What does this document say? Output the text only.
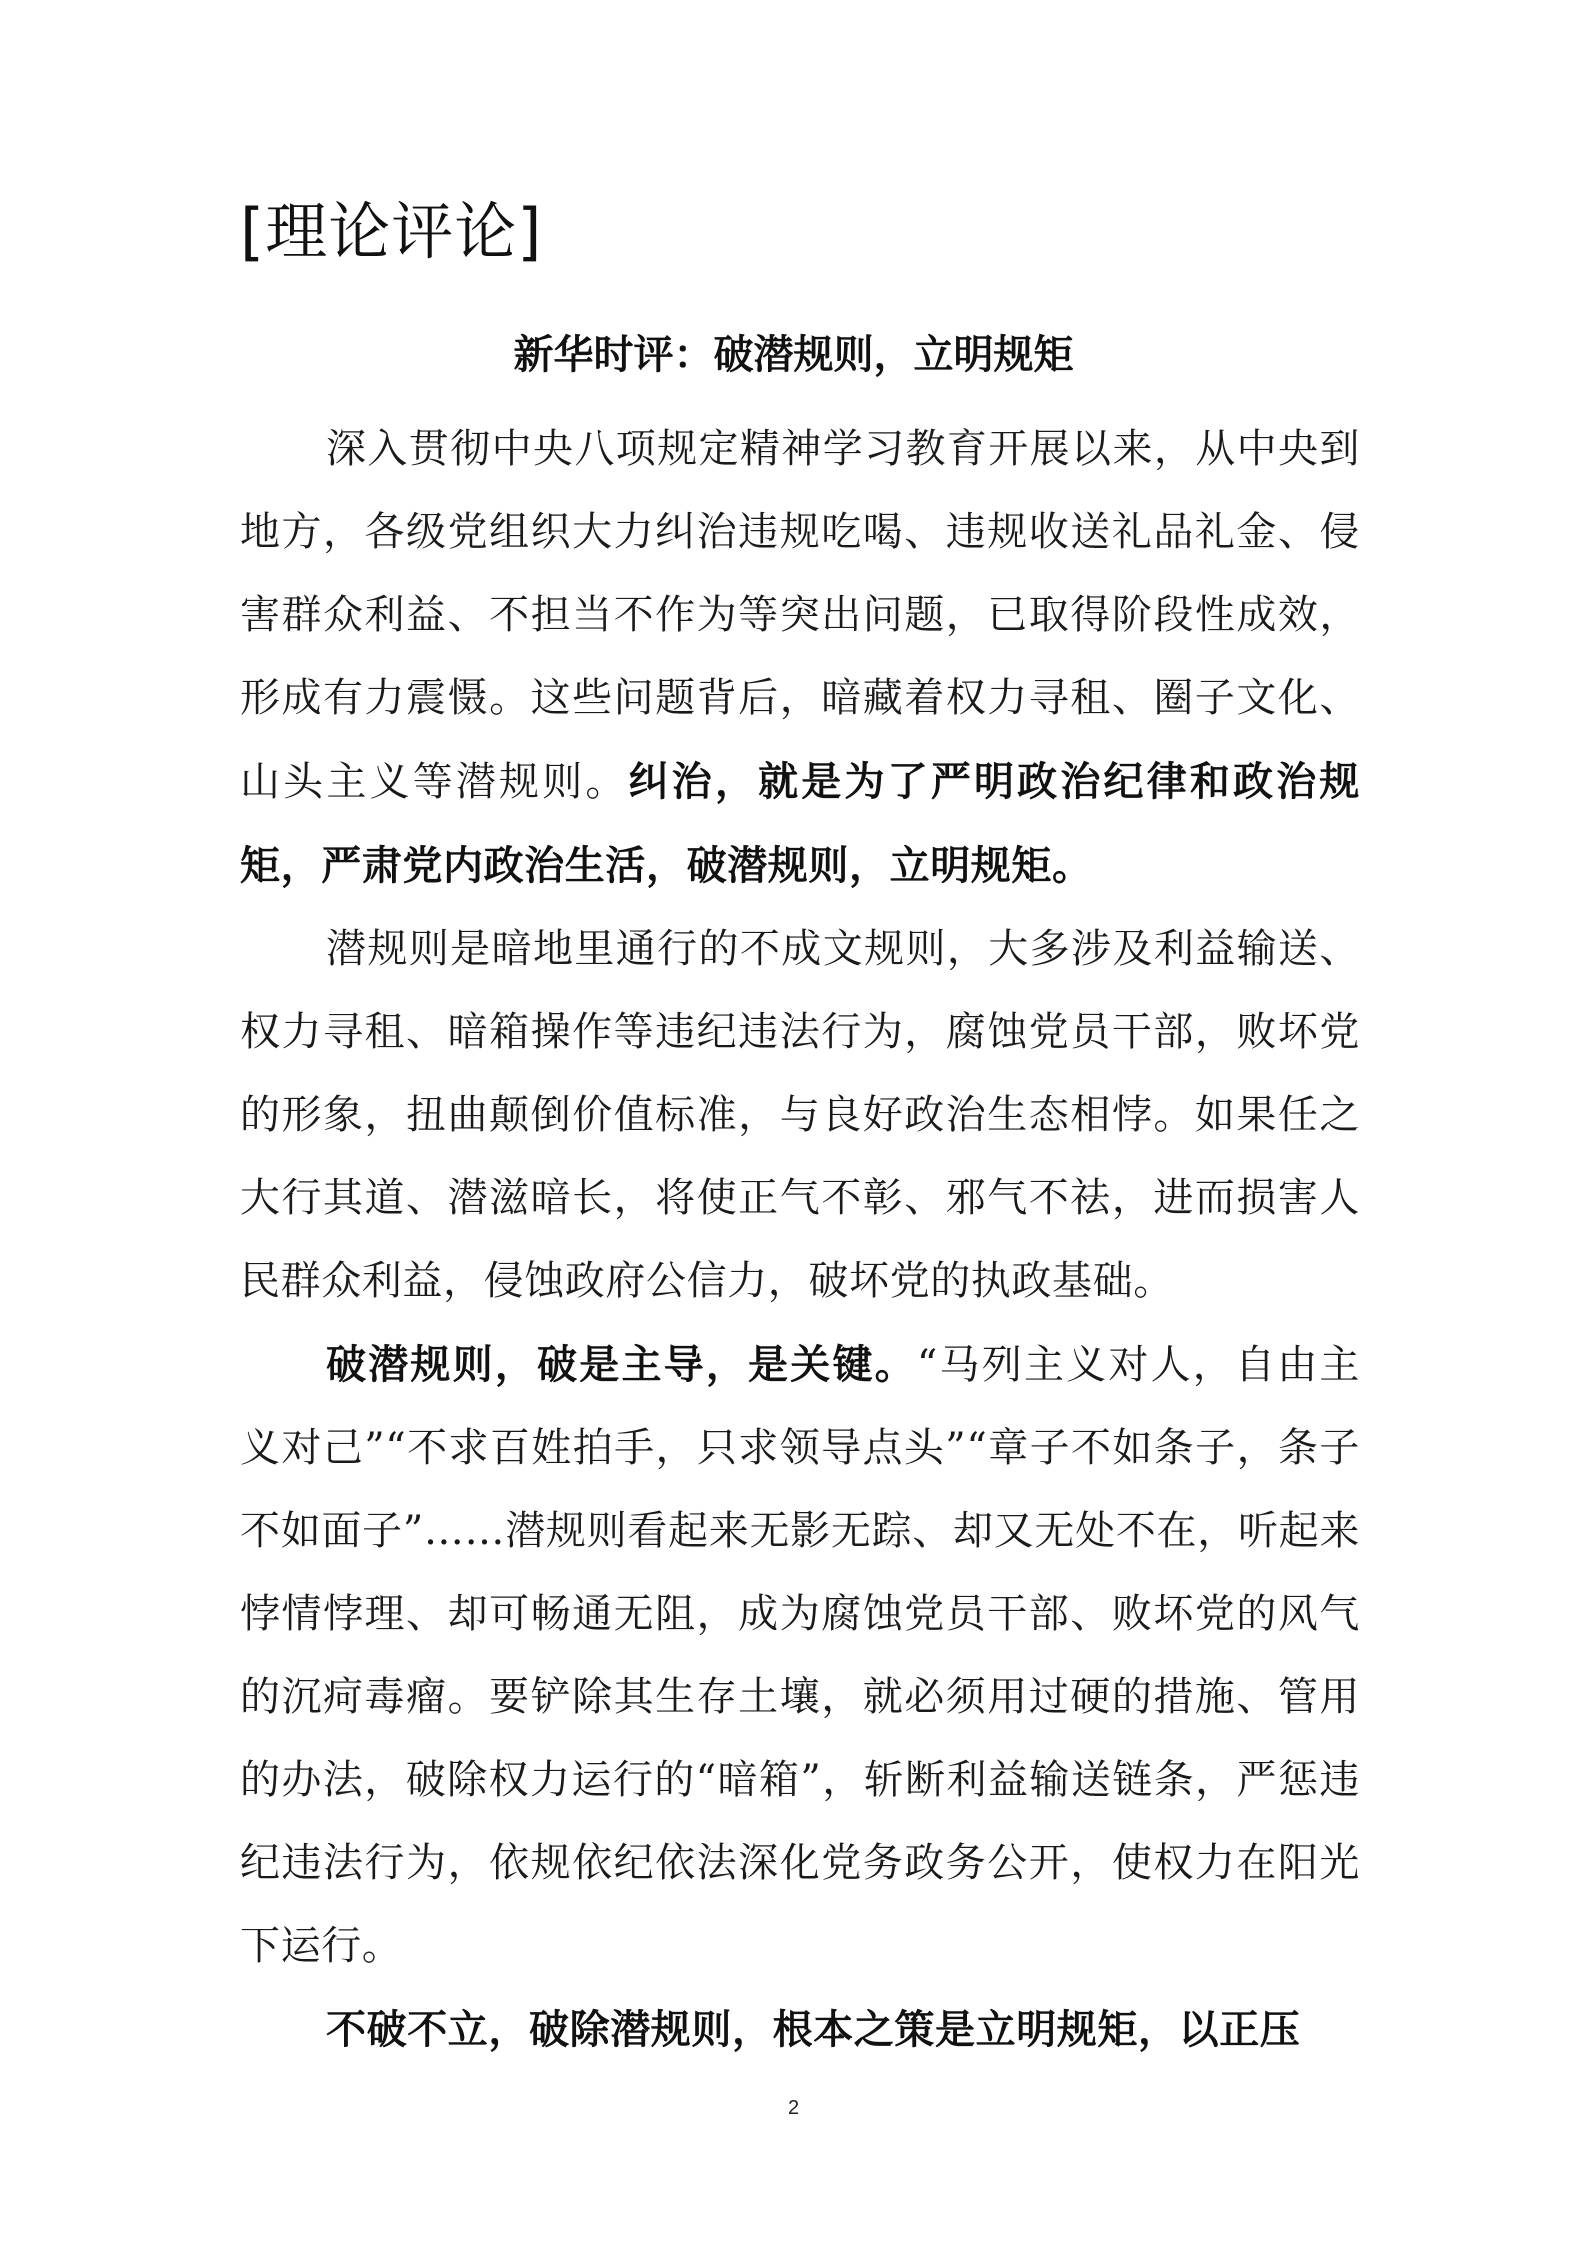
[理论评论]
新华时评：破潜规则，立明规矩

深入贯彻中央八项规定精神学习教育开展以来，从中央到地方，各级党组织大力纠治违规吃喝、违规收送礼品礼金、侵害群众利益、不担当不作为等突出问题，已取得阶段性成效，形成有力震慑。这些问题背后，暗藏着权力寻租、圈子文化、山头主义等潜规则。纠治，就是为了严明政治纪律和政治规矩，严肃党内政治生活，破潜规则，立明规矩。

潜规则是暗地里通行的不成文规则，大多涉及利益输送、权力寻租、暗箱操作等违纪违法行为，腐蚀党员干部，败坏党的形象，扭曲颠倒价值标准，与良好政治生态相悖。如果任之大行其道、潜滋暗长，将使正气不彰、邪气不祛，进而损害人民群众利益，侵蚀政府公信力，破坏党的执政基础。

破潜规则，破是主导，是关键。“马列主义对人，自由主义对己”“不求百姓拍手，只求领导点头”“章子不如条子，条子不如面子”……潜规则看起来无影无踪、却又无处不在，听起来悖情悖理、却可畅通无阻，成为腐蚀党员干部、败坏党的风气的沉疴毒瘤。要铲除其生存土壤，就必须用过硬的措施、管用的办法，破除权力运行的“暗箱”，斩断利益输送链条，严惩违纪违法行为，依规依纪依法深化党务政务公开，使权力在阳光下运行。

不破不立，破除潜规则，根本之策是立明规矩，以正压

2
